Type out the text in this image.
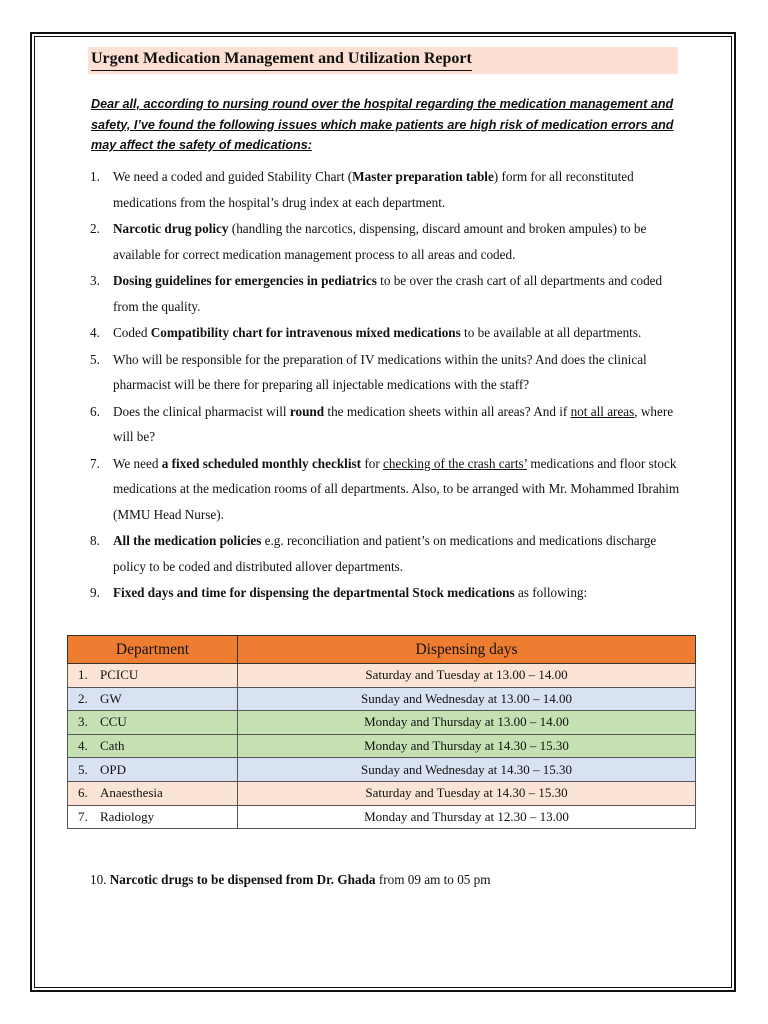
Urgent Medication Management and Utilization Report
Dear all, according to nursing round over the hospital regarding the medication management and safety, I’ve found the following issues which make patients are high risk of medication errors and may affect the safety of medications:
1. We need a coded and guided Stability Chart (Master preparation table) form for all reconstituted medications from the hospital’s drug index at each department.
2. Narcotic drug policy (handling the narcotics, dispensing, discard amount and broken ampules) to be available for correct medication management process to all areas and coded.
3. Dosing guidelines for emergencies in pediatrics to be over the crash cart of all departments and coded from the quality.
4. Coded Compatibility chart for intravenous mixed medications to be available at all departments.
5. Who will be responsible for the preparation of IV medications within the units? And does the clinical pharmacist will be there for preparing all injectable medications with the staff?
6. Does the clinical pharmacist will round the medication sheets within all areas? And if not all areas, where will be?
7. We need a fixed scheduled monthly checklist for checking of the crash carts’ medications and floor stock medications at the medication rooms of all departments. Also, to be arranged with Mr. Mohammed Ibrahim (MMU Head Nurse).
8. All the medication policies e.g. reconciliation and patient’s on medications and medications discharge policy to be coded and distributed allover departments.
9. Fixed days and time for dispensing the departmental Stock medications as following:
Department	Dispensing days
1. PCICU	Saturday and Tuesday at 13.00 – 14.00
2. GW	Sunday and Wednesday at 13.00 – 14.00
3. CCU	Monday and Thursday at 13.00 – 14.00
4. Cath	Monday and Thursday at 14.30 – 15.30
5. OPD	Sunday and Wednesday at 14.30 – 15.30
6. Anaesthesia	Saturday and Tuesday at 14.30 – 15.30
7. Radiology	Monday and Thursday at 12.30 – 13.00
10. Narcotic drugs to be dispensed from Dr. Ghada from 09 am to 05 pm
